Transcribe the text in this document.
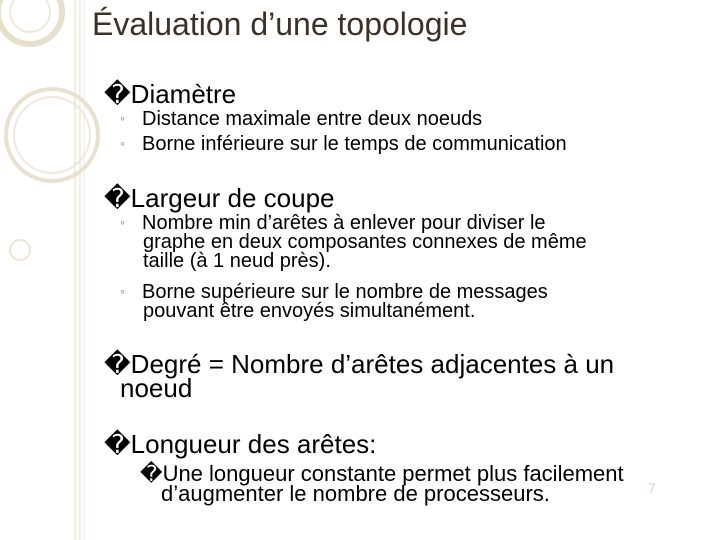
Évaluation d’une topologie
�Diamètre
◦ Distance maximale entre deux noeuds
◦ Borne inférieure sur le temps de communication
�Largeur de coupe
◦ Nombre min d’arêtes à enlever pour diviser le
graphe en deux composantes connexes de même
taille (à 1 neud près).
◦ Borne supérieure sur le nombre de messages
pouvant être envoyés simultanément.
�Degré = Nombre d’arêtes adjacentes à un
noeud
�Longueur des arêtes:
�Une longueur constante permet plus facilement
d’augmenter le nombre de processeurs.	7
